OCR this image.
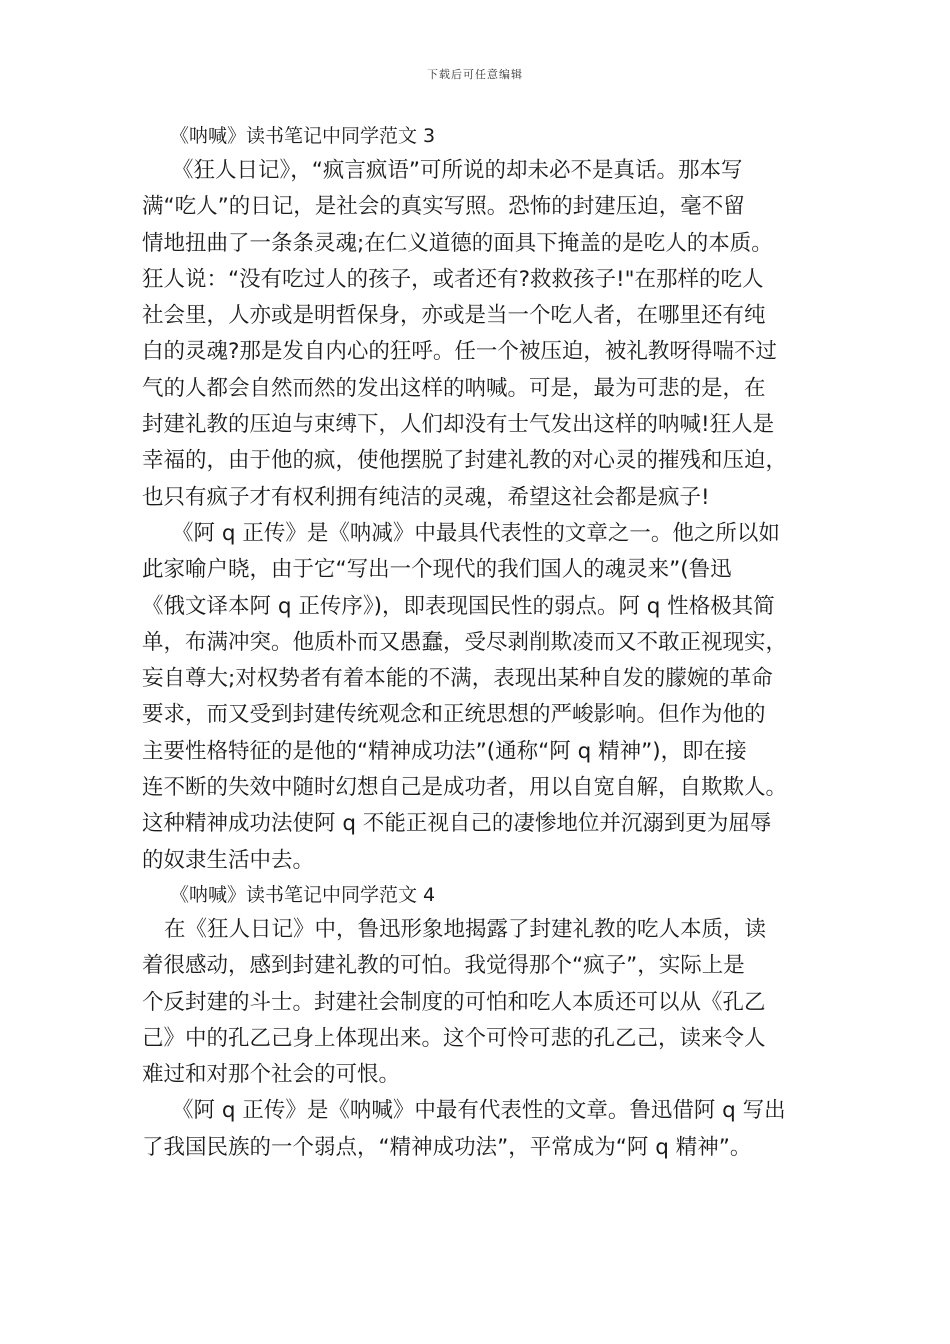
下载后可任意编辑

《呐喊》读书笔记中同学范文 3

《狂人日记》，“疯言疯语”可所说的却未必不是真话。那本写

满“吃人”的日记，是社会的真实写照。恐怖的封建压迫，毫不留

情地扭曲了一条条灵魂;在仁义道德的面具下掩盖的是吃人的本质。

狂人说：“没有吃过人的孩子，或者还有?救救孩子!"在那样的吃人

社会里，人亦或是明哲保身，亦或是当一个吃人者，在哪里还有纯

白的灵魂?那是发自内心的狂呼。任一个被压迫，被礼教呀得喘不过

气的人都会自然而然的发出这样的呐喊。可是，最为可悲的是，在

封建礼教的压迫与束缚下，人们却没有士气发出这样的呐喊!狂人是

幸福的，由于他的疯，使他摆脱了封建礼教的对心灵的摧残和压迫，

也只有疯子才有权利拥有纯洁的灵魂，希望这社会都是疯子!

《阿 q 正传》是《呐减》中最具代表性的文章之一。他之所以如

此家喻户晓，由于它“写出一个现代的我们国人的魂灵来”(鲁迅

《俄文译本阿 q 正传序》)，即表现国民性的弱点。阿 q 性格极其简

单，布满冲突。他质朴而又愚蠢，受尽剥削欺凌而又不敢正视现实，

妄自尊大;对权势者有着本能的不满，表现出某种自发的朦婉的革命

要求，而又受到封建传统观念和正统思想的严峻影响。但作为他的

主要性格特征的是他的“精神成功法”(通称“阿 q 精神”)，即在接

连不断的失效中随时幻想自己是成功者，用以自宽自解，自欺欺人。

这种精神成功法使阿 q 不能正视自己的凄惨地位并沉溺到更为屈辱

的奴隶生活中去。

《呐喊》读书笔记中同学范文 4

在《狂人日记》中，鲁迅形象地揭露了封建礼教的吃人本质，读

着很感动，感到封建礼教的可怕。我觉得那个“疯子”，实际上是

个反封建的斗士。封建社会制度的可怕和吃人本质还可以从《孔乙

己》中的孔乙己身上体现出来。这个可怜可悲的孔乙己，读来令人

难过和对那个社会的可恨。

《阿 q 正传》是《呐喊》中最有代表性的文章。鲁迅借阿 q 写出

了我国民族的一个弱点，“精神成功法”，平常成为“阿 q 精神”。
